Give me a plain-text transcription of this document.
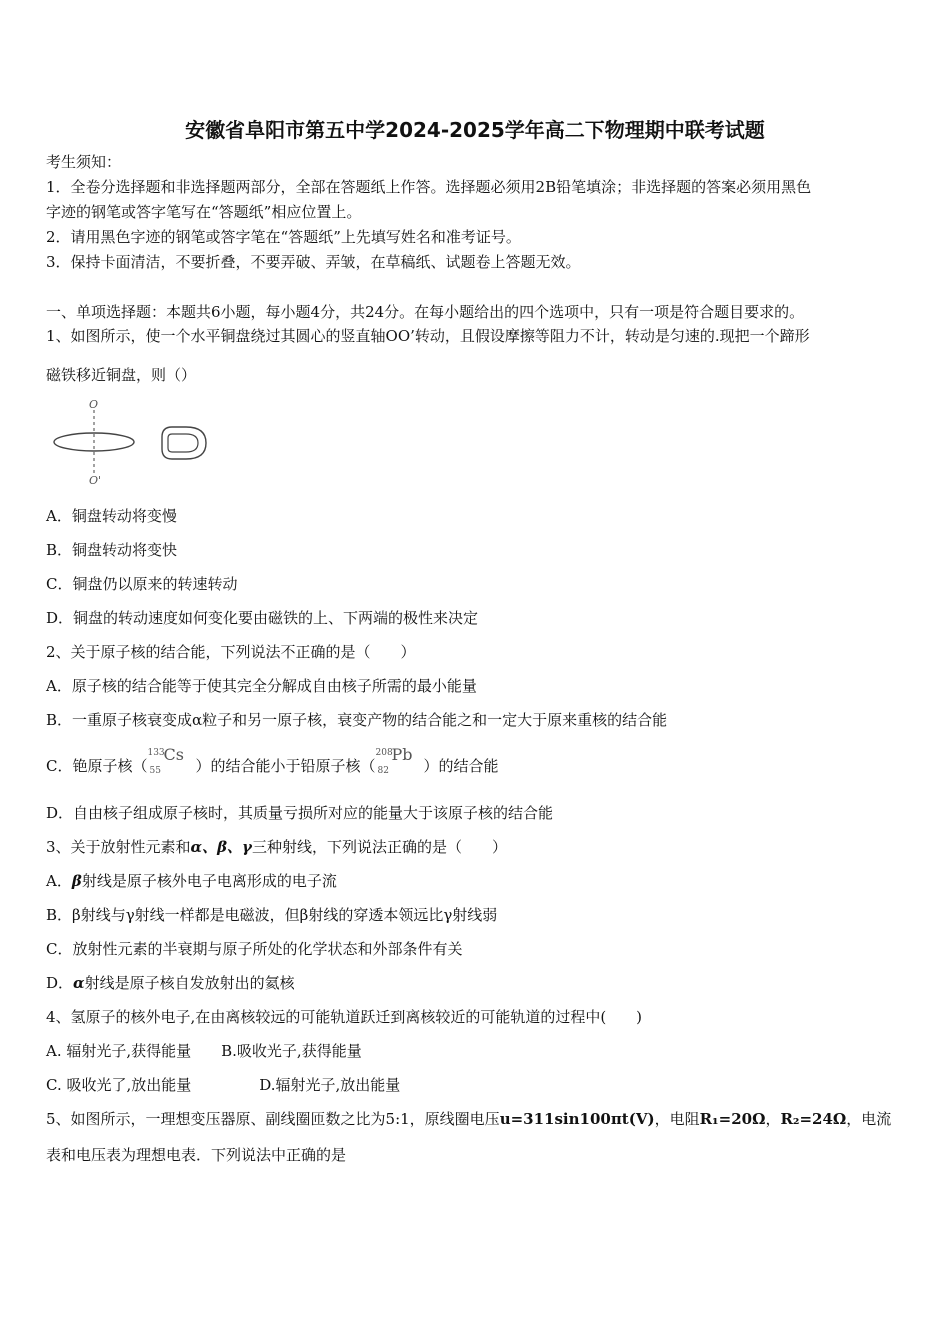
安徽省阜阳市第五中学2024-2025学年高二下物理期中联考试题
考生须知：
1．全卷分选择题和非选择题两部分，全部在答题纸上作答。选择题必须用2B铅笔填涂；非选择题的答案必须用黑色
字迹的钢笔或答字笔写在“答题纸”相应位置上。
2．请用黑色字迹的钢笔或答字笔在“答题纸”上先填写姓名和准考证号。
3．保持卡面清洁，不要折叠，不要弄破、弄皱，在草稿纸、试题卷上答题无效。
一、单项选择题：本题共6小题，每小题4分，共24分。在每小题给出的四个选项中，只有一项是符合题目要求的。
1、如图所示，使一个水平铜盘绕过其圆心的竖直轴OO’转动，且假设摩擦等阻力不计，转动是匀速的.现把一个蹄形
磁铁移近铜盘，则（）
O
O'
A．铜盘转动将变慢
B．铜盘转动将变快
C．铜盘仍以原来的转速转动
D．铜盘的转动速度如何变化要由磁铁的上、下两端的极性来决定
2、关于原子核的结合能，下列说法不正确的是（　　）
A．原子核的结合能等于使其完全分解成自由核子所需的最小能量
B．一重原子核衰变成α粒子和另一原子核，衰变产物的结合能之和一定大于原来重核的结合能
C．铯原子核（
133
55
Cs
）的结合能小于铅原子核（
208
82
Pb
）的结合能
D．自由核子组成原子核时，其质量亏损所对应的能量大于该原子核的结合能
3、关于放射性元素和α、β、γ三种射线，下列说法正确的是（　　）
A．β射线是原子核外电子电离形成的电子流
B．β射线与γ射线一样都是电磁波，但β射线的穿透本领远比γ射线弱
C．放射性元素的半衰期与原子所处的化学状态和外部条件有关
D．α射线是原子核自发放射出的氦核
4、氢原子的核外电子,在由离核较远的可能轨道跃迁到离核较近的可能轨道的过程中(　　)
A. 辐射光子,获得能量 B.吸收光子,获得能量
C. 吸收光了,放出能量	D.辐射光子,放出能量
5、如图所示，一理想变压器原、副线圈匝数之比为5:1，原线圈电压u=311sin100πt(V)，电阻R₁=20Ω，R₂=24Ω，电流
表和电压表为理想电表．下列说法中正确的是
